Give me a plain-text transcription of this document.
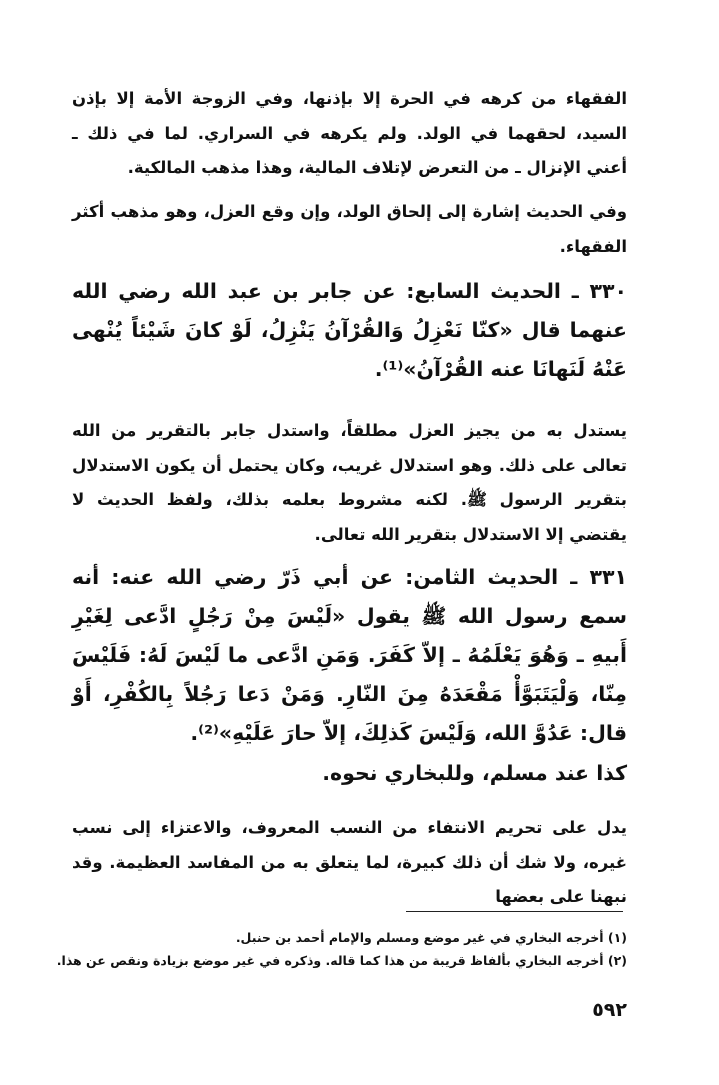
الفقهاء من كرهه في الحرة إلا بإذنها، وفي الزوجة الأمة إلا بإذن السيد، لحقهما في الولد. ولم يكرهه في السراري. لما في ذلك ـ أعني الإنزال ـ من التعرض لإتلاف المالية، وهذا مذهب المالكية.

وفي الحديث إشارة إلى إلحاق الولد، وإن وقع العزل، وهو مذهب أكثر الفقهاء.

٣٣٠ ـ الحديث السابع: عن جابر بن عبد الله رضي الله عنهما قال «كنّا نَعْزِلُ وَالقُرْآنُ يَنْزِلُ، لَوْ كانَ شَيْئاً يُنْهى عَنْهُ لَنَهانَا عنه القُرْآنُ»⁽¹⁾.

يستدل به من يجيز العزل مطلقاً، واستدل جابر بالتقرير من الله تعالى على ذلك. وهو استدلال غريب، وكان يحتمل أن يكون الاستدلال بتقرير الرسول ﷺ. لكنه مشروط بعلمه بذلك، ولفظ الحديث لا يقتضي إلا الاستدلال بتقرير الله تعالى.

٣٣١ ـ الحديث الثامن: عن أبي ذَرّ رضي الله عنه: أنه سمع رسول الله ﷺ يقول «لَيْسَ مِنْ رَجُلٍ ادَّعى لِغَيْرِ أَبيهِ ـ وَهُوَ يَعْلَمُهُ ـ إلاّ كَفَرَ. وَمَنِ ادَّعى ما لَيْسَ لَهُ: فَلَيْسَ مِنّا، وَلْيَتَبَوَّأْ مَقْعَدَهُ مِنَ النّارِ. وَمَنْ دَعا رَجُلاً بِالكُفْرِ، أَوْ قال: عَدُوَّ الله، وَلَيْسَ كَذلِكَ، إلاّ حارَ عَلَيْهِ»⁽²⁾.

كذا عند مسلم، وللبخاري نحوه.

يدل على تحريم الانتفاء من النسب المعروف، والاعتزاء إلى نسب غيره، ولا شك أن ذلك كبيرة، لما يتعلق به من المفاسد العظيمة. وقد نبهنا على بعضها

(١) أخرجه البخاري في غير موضع ومسلم والإمام أحمد بن حنبل.
(٢) أخرجه البخاري بألفاظ قريبة من هذا كما قاله. وذكره في غير موضع بزيادة ونقص عن هذا.
٥٩٢
